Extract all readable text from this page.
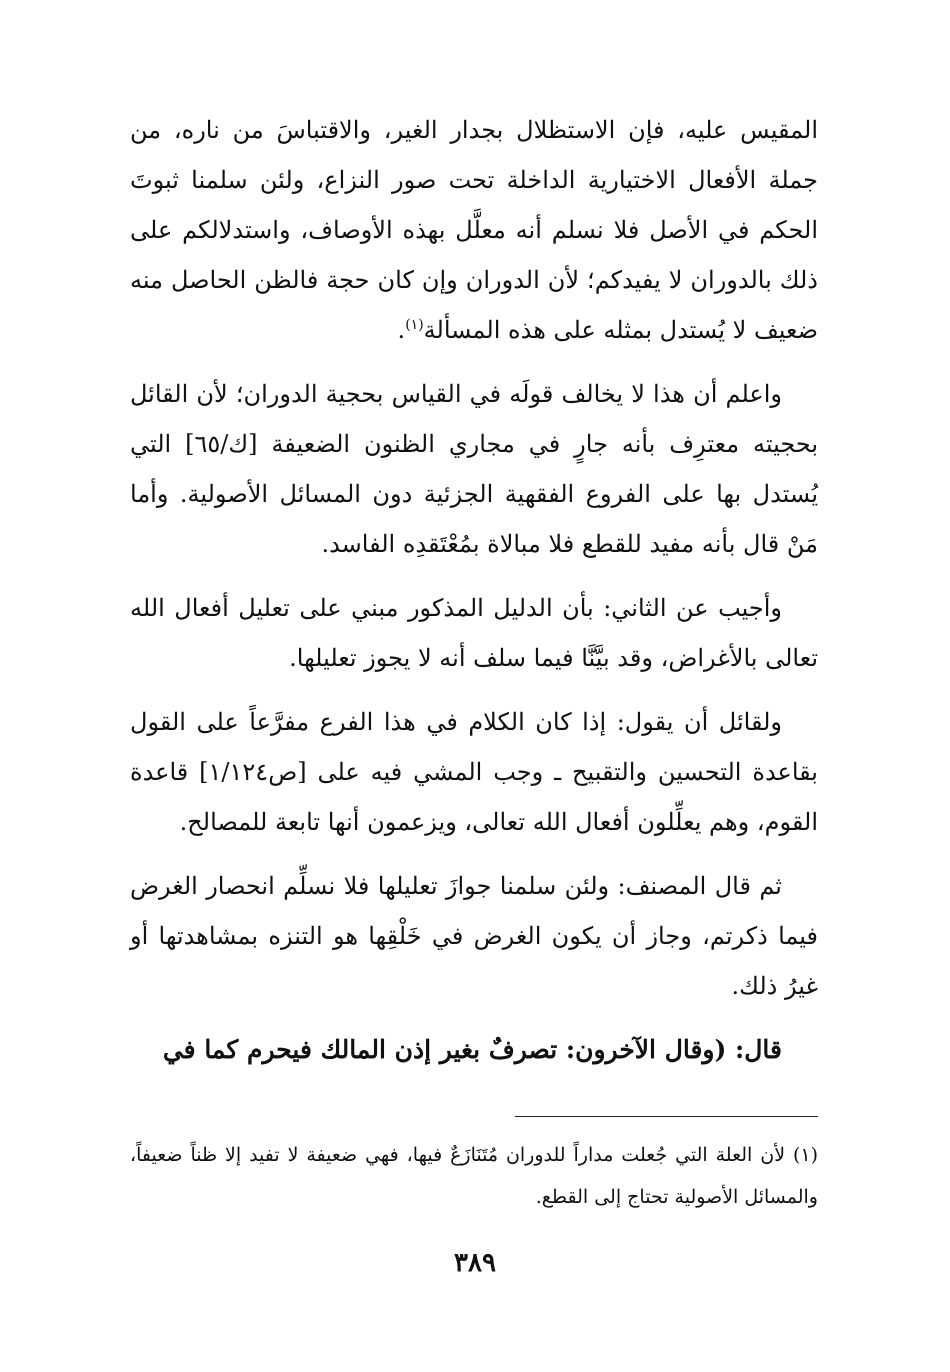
المقيس عليه، فإن الاستظلال بجدار الغير، والاقتباسَ من ناره، من جملة الأفعال الاختيارية الداخلة تحت صور النزاع، ولئن سلمنا ثبوتَ الحكم في الأصل فلا نسلم أنه معلَّل بهذه الأوصاف، واستدلالكم على ذلك بالدوران لا يفيدكم؛ لأن الدوران وإن كان حجة فالظن الحاصل منه ضعيف لا يُستدل بمثله على هذه المسألة$^{(١)}$.

واعلم أن هذا لا يخالف قولَه في القياس بحجية الدوران؛ لأن القائل بحجيته معترِف بأنه جارٍ في مجاري الظنون الضعيفة [ك/٦٥] التي يُستدل بها على الفروع الفقهية الجزئية دون المسائل الأصولية. وأما مَنْ قال بأنه مفيد للقطع فلا مبالاة بمُعْتَقدِه الفاسد.

وأجيب عن الثاني: بأن الدليل المذكور مبني على تعليل أفعال الله تعالى بالأغراض، وقد بيَّنَّا فيما سلف أنه لا يجوز تعليلها.

ولقائل أن يقول: إذا كان الكلام في هذا الفرع مفرَّعاً على القول بقاعدة التحسين والتقبيح ـ وجب المشي فيه على [ص١/١٢٤] قاعدة القوم، وهم يعلِّلون أفعال الله تعالى، ويزعمون أنها تابعة للمصالح.

ثم قال المصنف: ولئن سلمنا جوازَ تعليلها فلا نسلِّم انحصار الغرض فيما ذكرتم، وجاز أن يكون الغرض في خَلْقِها هو التنزه بمشاهدتها أو غيرُ ذلك.

قال: (وقال الآخرون: تصرفٌ بغير إذن المالك فيحرم كما في

(١) لأن العلة التي جُعلت مداراً للدوران مُتَنَازَعٌ فيها، فهي ضعيفة لا تفيد إلا ظناً ضعيفاً، والمسائل الأصولية تحتاج إلى القطع.
٣٨٩
